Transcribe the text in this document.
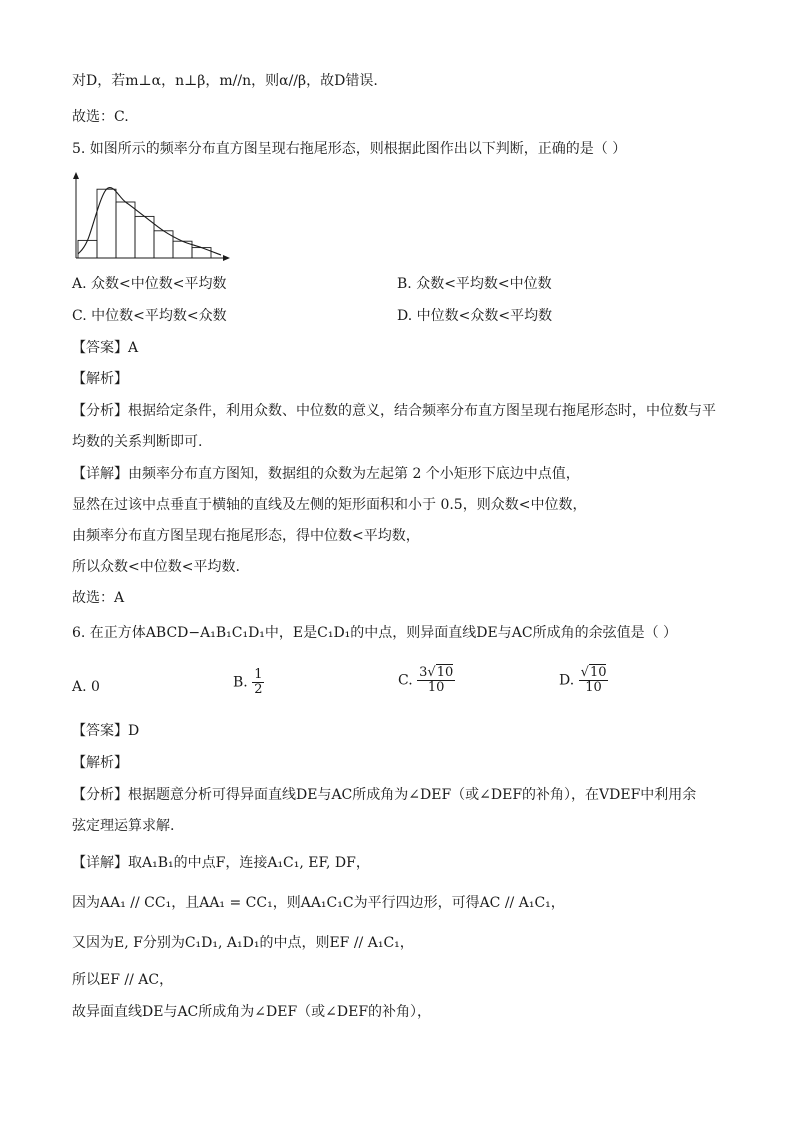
对D，若m⊥α，n⊥β，m//n，则α//β，故D错误.
故选：C.
5. 如图所示的频率分布直方图呈现右拖尾形态，则根据此图作出以下判断，正确的是（ ）
A. 众数<中位数<平均数	B. 众数<平均数<中位数
C. 中位数<平均数<众数	D. 中位数<众数<平均数
【答案】A
【解析】
【分析】根据给定条件，利用众数、中位数的意义，结合频率分布直方图呈现右拖尾形态时，中位数与平
均数的关系判断即可.
【详解】由频率分布直方图知，数据组的众数为左起第 2 个小矩形下底边中点值，
显然在过该中点垂直于横轴的直线及左侧的矩形面积和小于 0.5，则众数<中位数，
由频率分布直方图呈现右拖尾形态，得中位数<平均数，
所以众数<中位数<平均数.
故选：A
6. 在正方体ABCD−A₁B₁C₁D₁中，E是C₁D₁的中点，则异面直线DE与AC所成角的余弦值是（ ）
A. 0	B. $\frac{1}{2}$	C. $\frac{3√10}{10}$	D. $\frac{√10}{10}$
【答案】D
【解析】
【分析】根据题意分析可得异面直线DE与AC所成角为∠DEF（或∠DEF的补角），在VDEF中利用余
弦定理运算求解.
【详解】取A₁B₁的中点F，连接A₁C₁, EF, DF，
因为AA₁ // CC₁，且AA₁ = CC₁，则AA₁C₁C为平行四边形，可得AC // A₁C₁，
又因为E, F分别为C₁D₁, A₁D₁的中点，则EF // A₁C₁，
所以EF // AC，
故异面直线DE与AC所成角为∠DEF（或∠DEF的补角），
